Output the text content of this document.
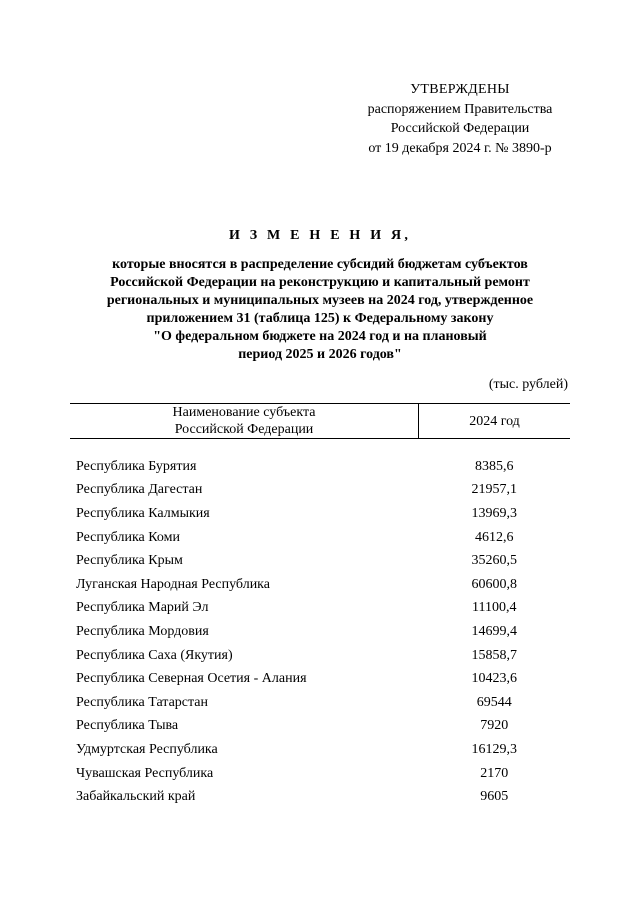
УТВЕРЖДЕНЫ
распоряжением Правительства
Российской Федерации
от 19 декабря 2024 г. № 3890-р
И З М Е Н Е Н И Я,
которые вносятся в распределение субсидий бюджетам субъектов
Российской Федерации на реконструкцию и капитальный ремонт
региональных и муниципальных музеев на 2024 год, утвержденное
приложением 31 (таблица 125) к Федеральному закону
"О федеральном бюджете на 2024 год и на плановый
период 2025 и 2026 годов"
(тыс. рублей)
Наименование субъекта
Российской Федерации	2024 год

Республика Бурятия	8385,6
Республика Дагестан	21957,1
Республика Калмыкия	13969,3
Республика Коми	4612,6
Республика Крым	35260,5
Луганская Народная Республика	60600,8
Республика Марий Эл	11100,4
Республика Мордовия	14699,4
Республика Саха (Якутия)	15858,7
Республика Северная Осетия - Алания	10423,6
Республика Татарстан	69544
Республика Тыва	7920
Удмуртская Республика	16129,3
Чувашская Республика	2170
Забайкальский край	9605
